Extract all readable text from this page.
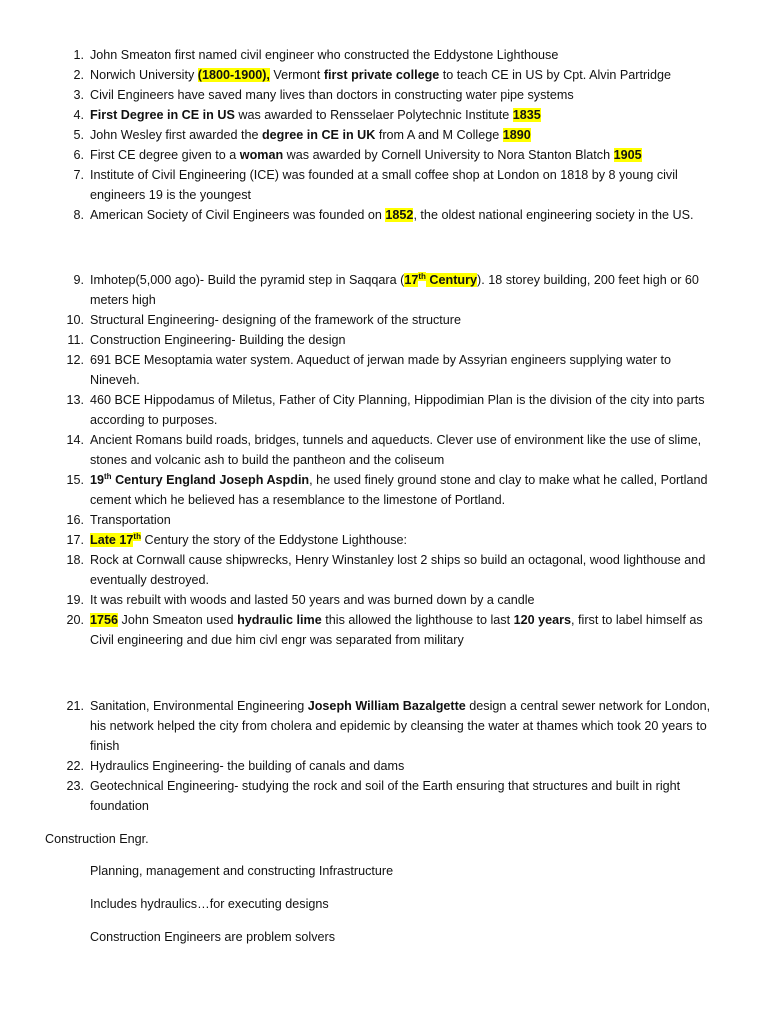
1 . John Smeaton first named civil engineer who constructed the Eddystone Lighthouse
2 . Norwich University (1800-1900), Vermont first private college to teach CE in US by Cpt. Alvin Partridge
3 . Civil Engineers have saved many lives than doctors in constructing water pipe systems
4 . First Degree in CE in US was awarded to Rensselaer Polytechnic Institute 1835
5 . John Wesley first awarded the degree in CE in UK from A and M College 1890
6 . First CE degree given to a woman was awarded by Cornell University to Nora Stanton Blatch 1905
7 . Institute of Civil Engineering (ICE) was founded at a small coffee shop at London on 1818 by 8 young civil engineers 19 is the youngest
8 . American Society of Civil Engineers was founded on 1852, the oldest national engineering society in the US.
9 . Imhotep(5,000 ago)- Build the pyramid step in Saqqara (17th Century). 18 storey building, 200 feet high or 60 meters high
10 . Structural Engineering- designing of the framework of the structure
11 . Construction Engineering- Building the design
12 . 691 BCE Mesoptamia water system. Aqueduct of jerwan made by Assyrian engineers supplying water to Nineveh.
13 . 460 BCE Hippodamus of Miletus, Father of City Planning, Hippodimian Plan is the division of the city into parts according to purposes.
14 . Ancient Romans build roads, bridges, tunnels and aqueducts. Clever use of environment like the use of slime, stones and volcanic ash to build the pantheon and the coliseum
15 . 19th Century England Joseph Aspdin, he used finely ground stone and clay to make what he called, Portland cement which he believed has a resemblance to the limestone of Portland.
16 . Transportation
17 . Late 17th Century the story of the Eddystone Lighthouse:
18 . Rock at Cornwall cause shipwrecks, Henry Winstanley lost 2 ships so build an octagonal, wood lighthouse and eventually destroyed.
19 . It was rebuilt with woods and lasted 50 years and was burned down by a candle
20 . 1756 John Smeaton used hydraulic lime this allowed the lighthouse to last 120 years, first to label himself as Civil engineering and due him civl engr was separated from military
21 . Sanitation, Environmental Engineering Joseph William Bazalgette design a central sewer network for London, his network helped the city from cholera and epidemic by cleansing the water at thames which took 20 years to finish
22 . Hydraulics Engineering- the building of canals and dams
23 . Geotechnical Engineering- studying the rock and soil of the Earth ensuring that structures and built in right foundation

Construction Engr.

Planning, management and constructing Infrastructure

Includes hydraulics…for executing designs

Construction Engineers are problem solvers
